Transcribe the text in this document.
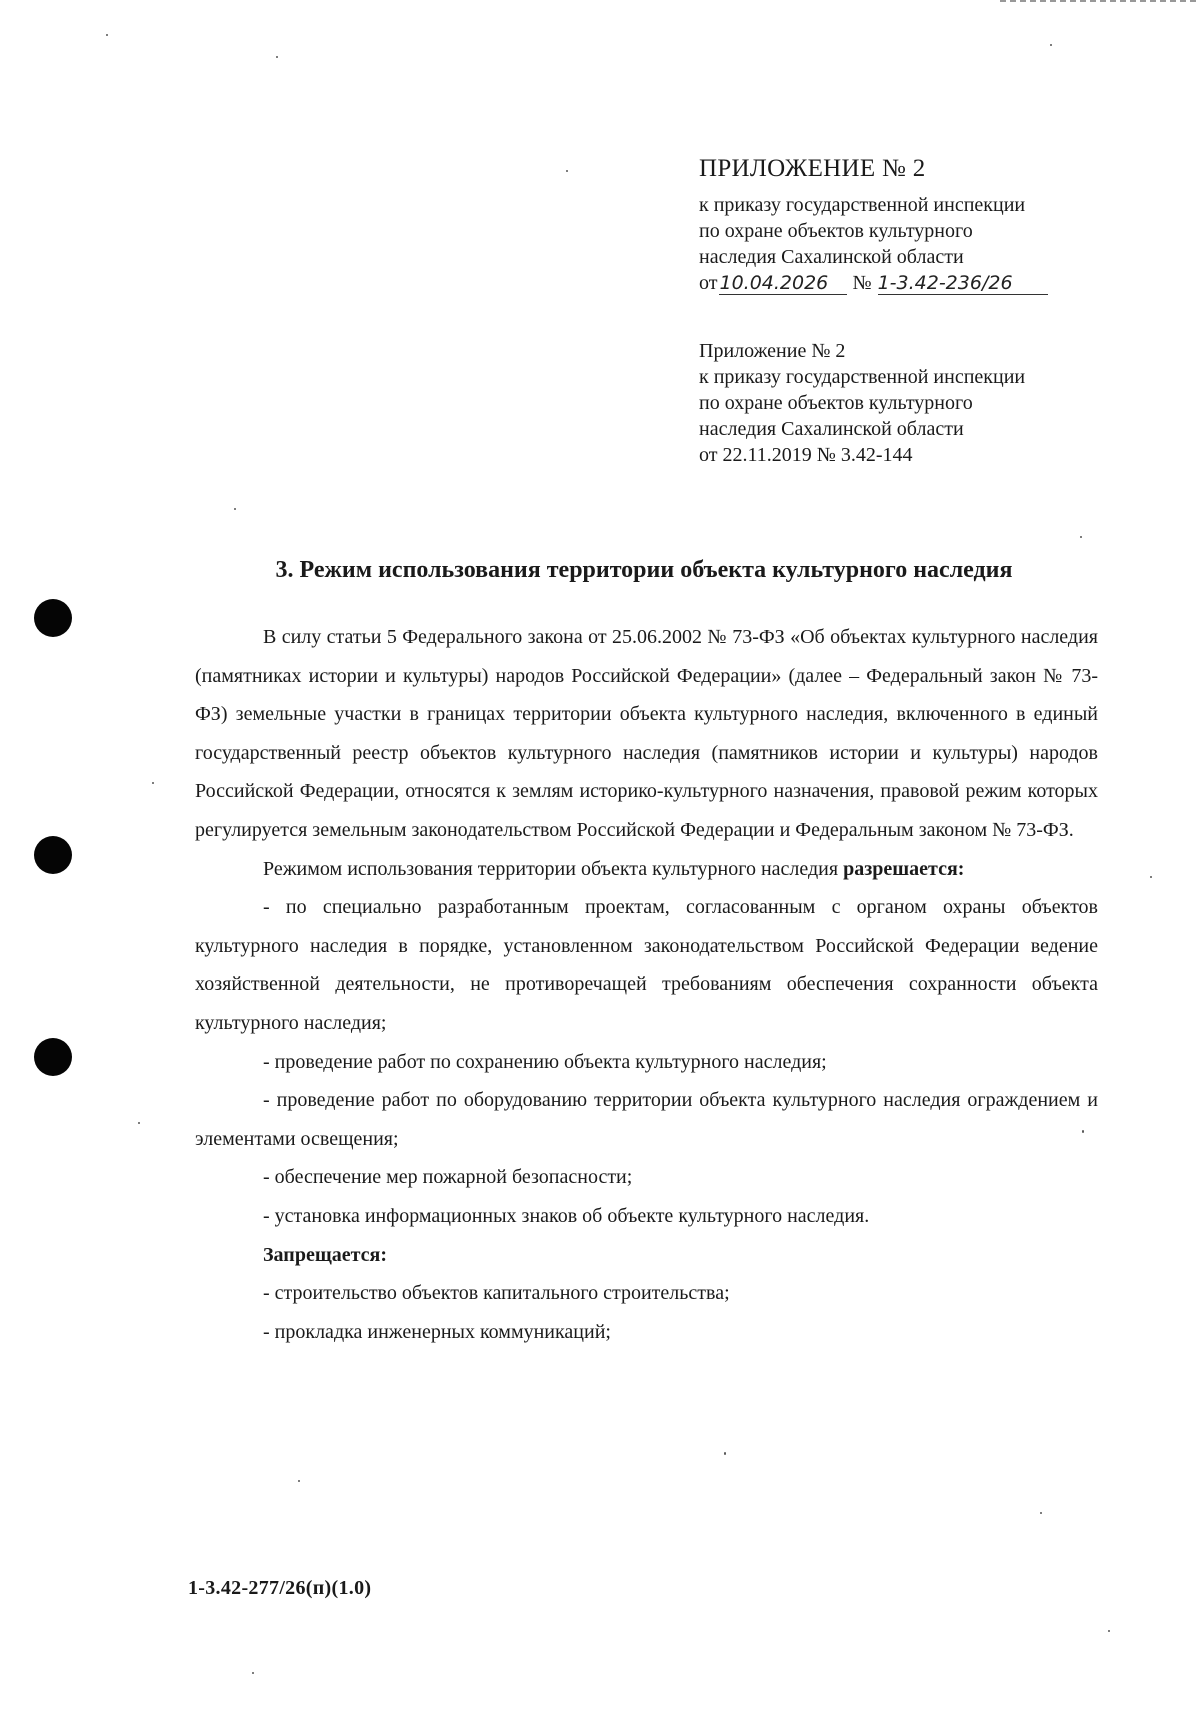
ПРИЛОЖЕНИЕ № 2
к приказу государственной инспекции
по охране объектов культурного
наследия Сахалинской области
от 10.04.2026 № 1-3.42-236/26
Приложение № 2
к приказу государственной инспекции
по охране объектов культурного
наследия Сахалинской области
от 22.11.2019 № 3.42-144
3. Режим использования территории объекта культурного наследия

В силу статьи 5 Федерального закона от 25.06.2002 № 73-ФЗ «Об объектах культурного наследия (памятниках истории и культуры) народов Российской Федерации» (далее – Федеральный закон № 73-ФЗ) земельные участки в границах территории объекта культурного наследия, включенного в единый государственный реестр объектов культурного наследия (памятников истории и культуры) народов Российской Федерации, относятся к землям историко-культурного назначения, правовой режим которых регулируется земельным законодательством Российской Федерации и Федеральным законом № 73-ФЗ.

Режимом использования территории объекта культурного наследия разрешается:

- по специально разработанным проектам, согласованным с органом охраны объектов культурного наследия в порядке, установленном законодательством Российской Федерации ведение хозяйственной деятельности, не противоречащей требованиям обеспечения сохранности объекта культурного наследия;

- проведение работ по сохранению объекта культурного наследия;

- проведение работ по оборудованию территории объекта культурного наследия ограждением и элементами освещения;

- обеспечение мер пожарной безопасности;

- установка информационных знаков об объекте культурного наследия.

Запрещается:

- строительство объектов капитального строительства;

- прокладка инженерных коммуникаций;

1-3.42-277/26(п)(1.0)
